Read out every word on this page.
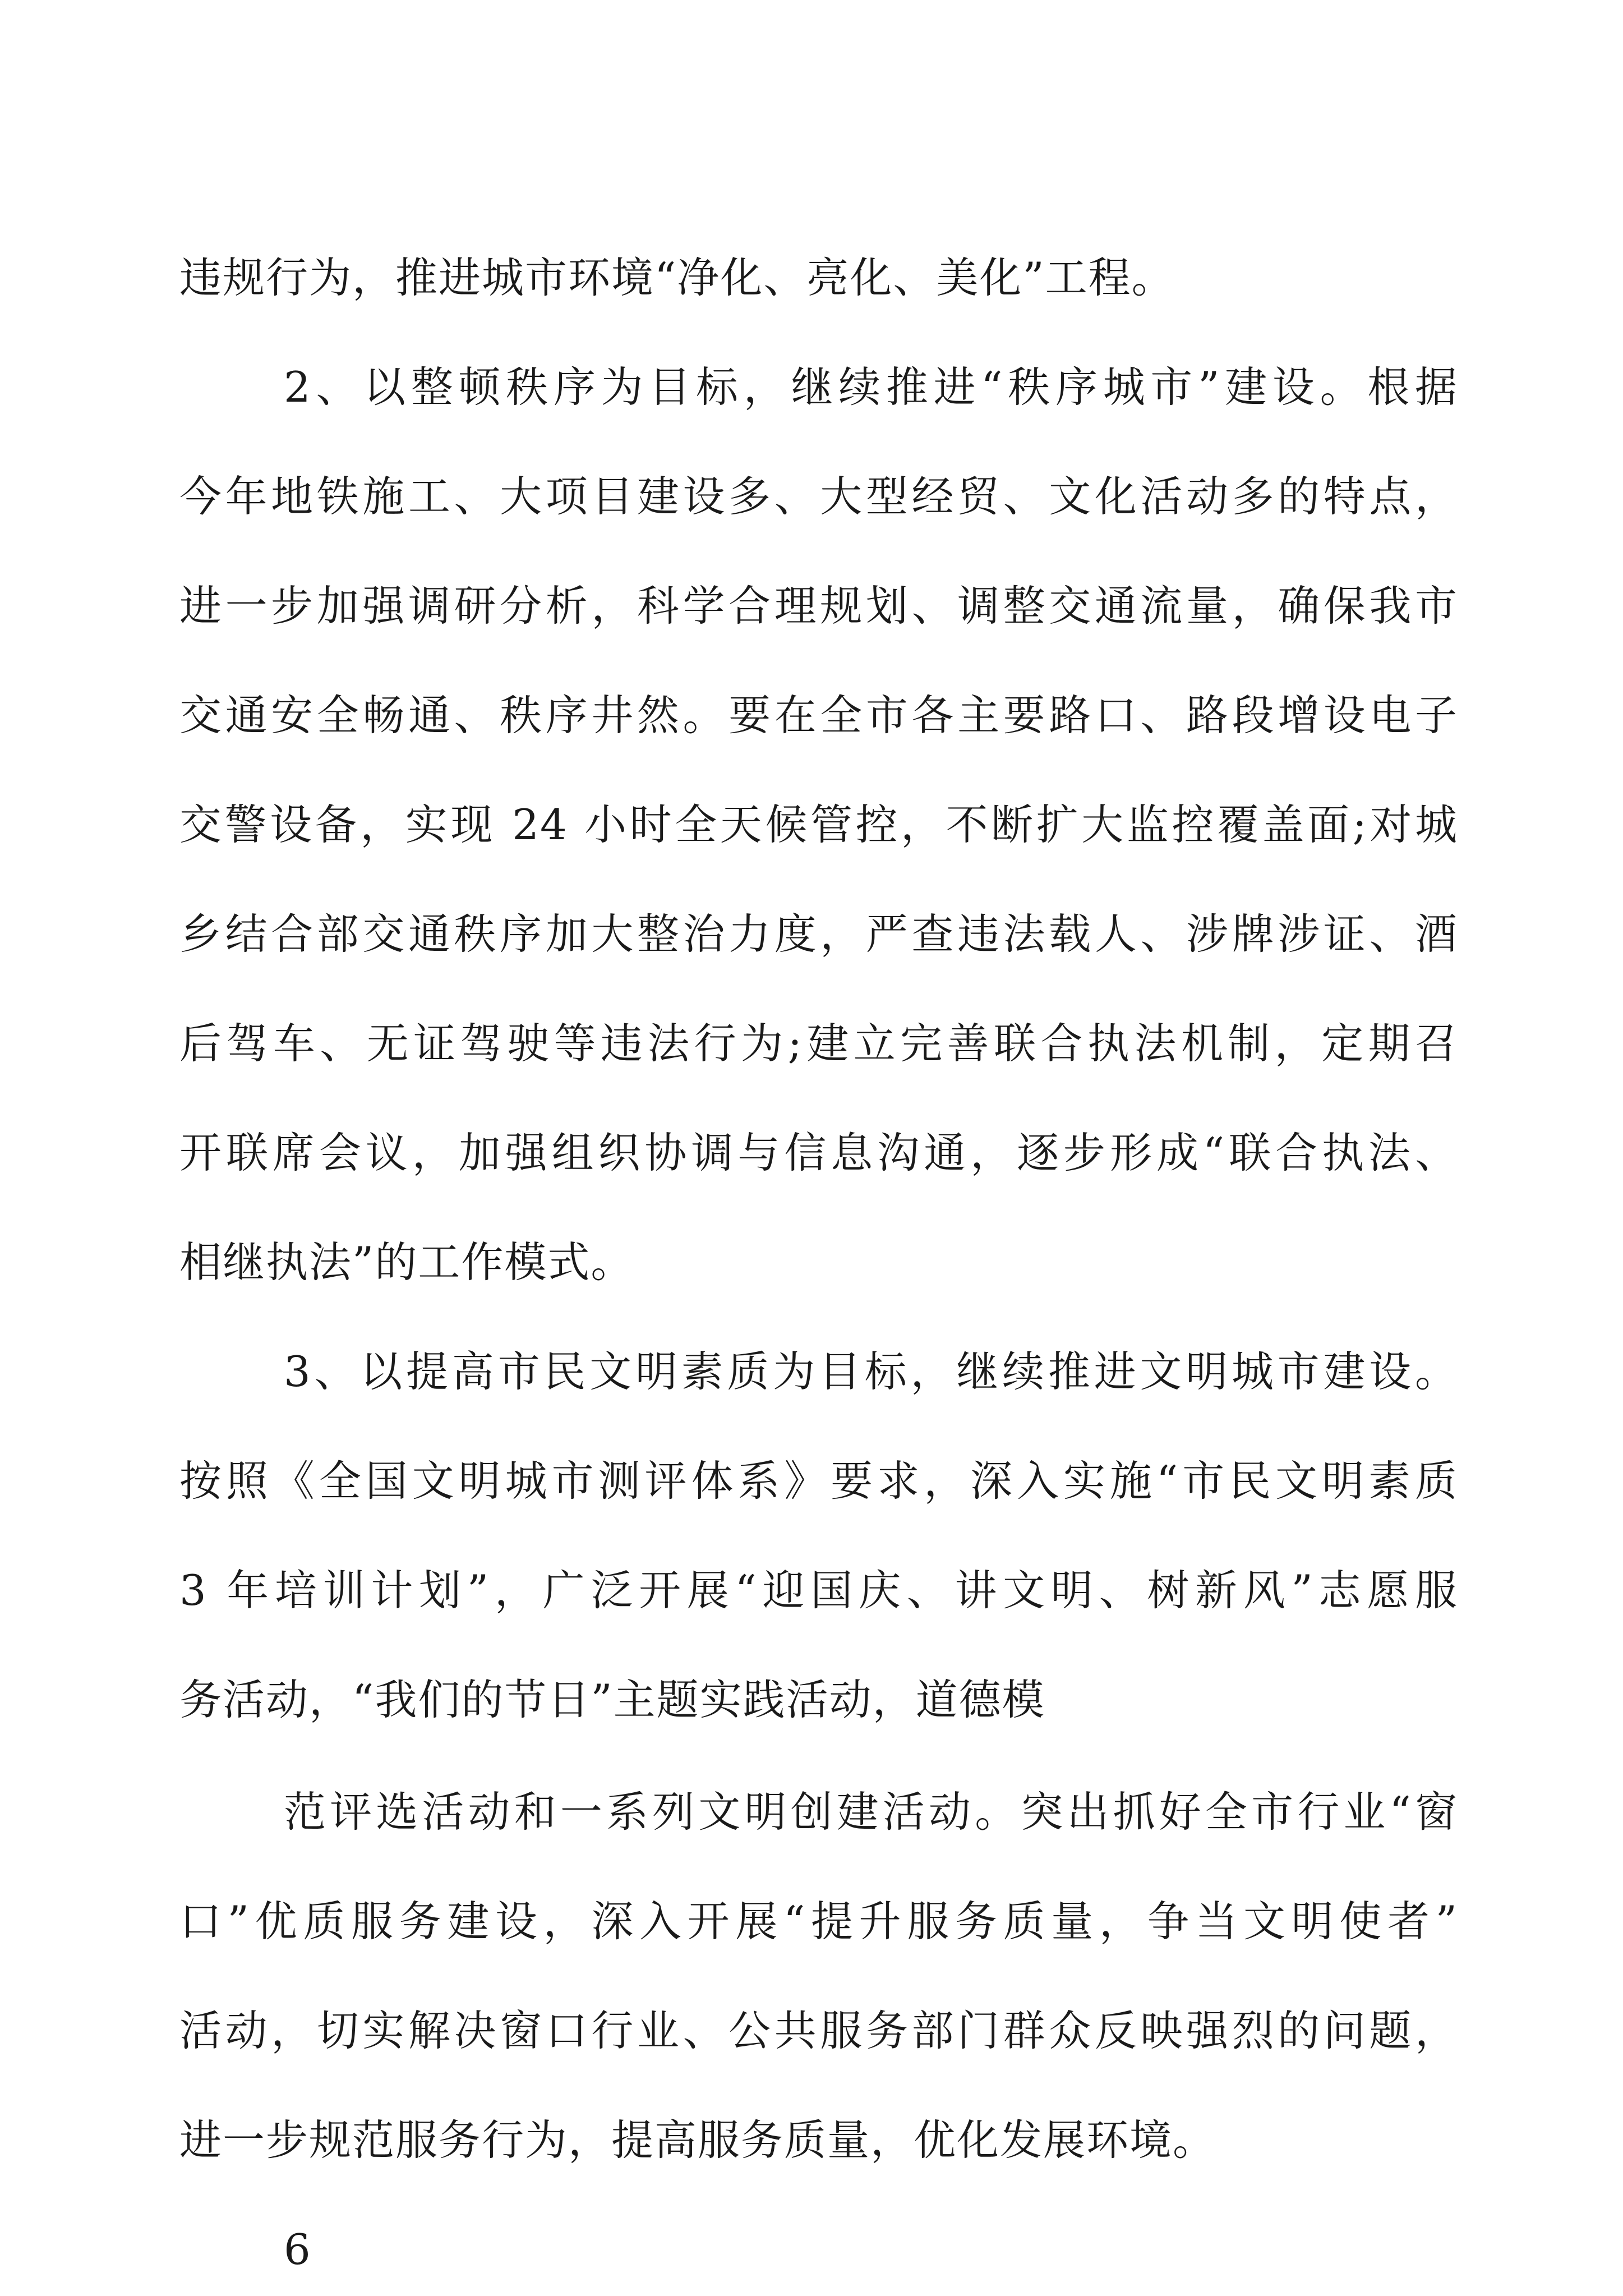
违规行为，推进城市环境“净化、亮化、美化”工程。
2、以整顿秩序为目标，继续推进“秩序城市”建设。根据
今年地铁施工、大项目建设多、大型经贸、文化活动多的特点，
进一步加强调研分析，科学合理规划、调整交通流量，确保我市
交通安全畅通、秩序井然。要在全市各主要路口、路段增设电子
交警设备，实现 24 小时全天候管控，不断扩大监控覆盖面;对城
乡结合部交通秩序加大整治力度，严查违法载人、涉牌涉证、酒
后驾车、无证驾驶等违法行为;建立完善联合执法机制，定期召
开联席会议，加强组织协调与信息沟通，逐步形成“联合执法、
相继执法”的工作模式。
3、以提高市民文明素质为目标，继续推进文明城市建设。
按照《全国文明城市测评体系》要求，深入实施“市民文明素质
3 年培训计划”，广泛开展“迎国庆、讲文明、树新风”志愿服
务活动，“我们的节日”主题实践活动，道德模
范评选活动和一系列文明创建活动。突出抓好全市行业“窗
口”优质服务建设，深入开展“提升服务质量，争当文明使者”
活动，切实解决窗口行业、公共服务部门群众反映强烈的问题，
进一步规范服务行为，提高服务质量，优化发展环境。
6
